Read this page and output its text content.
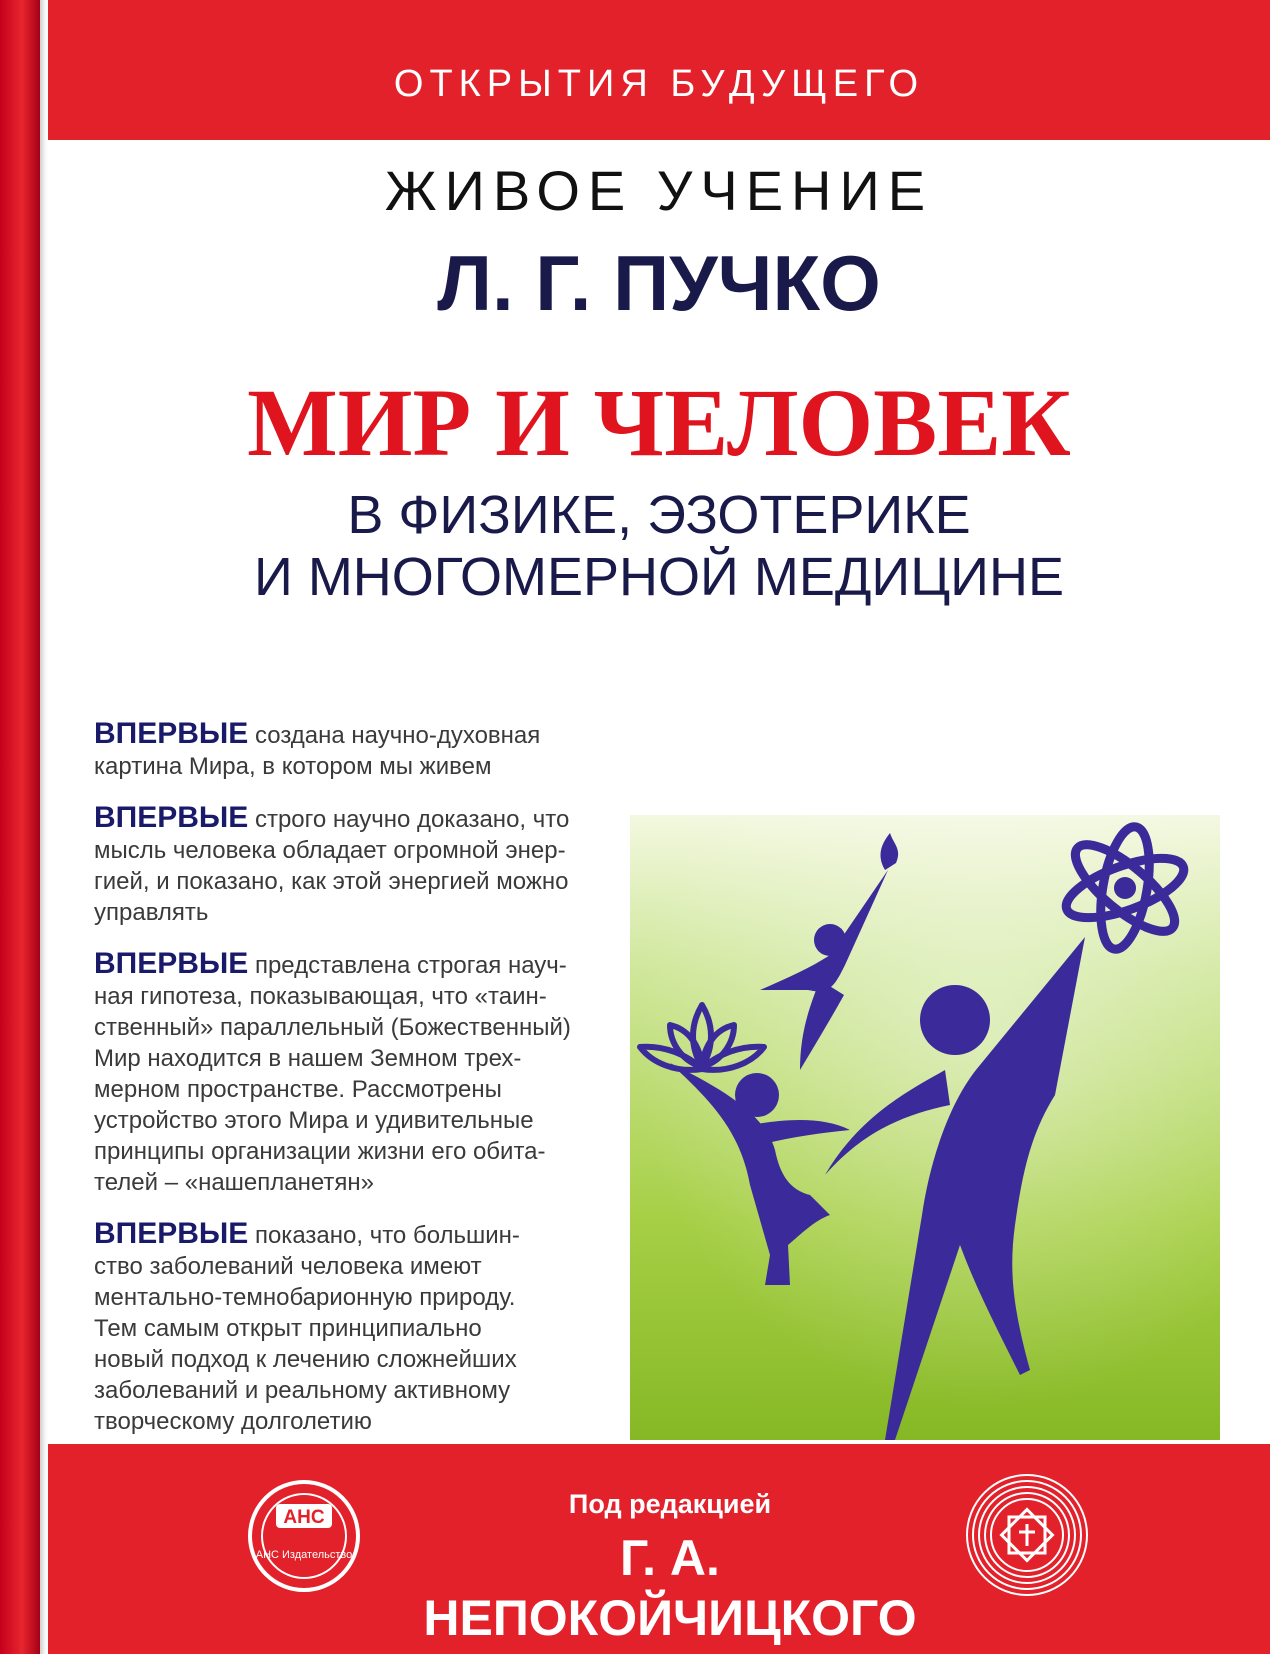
ОТКРЫТИЯ БУДУЩЕГО
ЖИВОЕ УЧЕНИЕ
Л. Г. ПУЧКО
МИР И ЧЕЛОВЕК
В ФИЗИКЕ, ЭЗОТЕРИКЕ
И МНОГОМЕРНОЙ МЕДИЦИНЕ
ВПЕРВЫЕ создана научно-духовная
картина Мира, в котором мы живем
ВПЕРВЫЕ строго научно доказано, что
мысль человека обладает огромной энер-
гией, и показано, как этой энергией можно
управлять
ВПЕРВЫЕ представлена строгая науч-
ная гипотеза, показывающая, что «таин-
ственный» параллельный (Божественный)
Мир находится в нашем Земном трех-
мерном пространстве. Рассмотрены
устройство этого Мира и удивительные
принципы организации жизни его обита-
телей – «нашепланетян»
ВПЕРВЫЕ показано, что большин-
ство заболеваний человека имеют
ментально-темнобарионную природу.
Тем самым открыт принципиально
новый подход к лечению сложнейших
заболеваний и реальному активному
творческому долголетию
АНС
АНС Издательство
Под редакцией
Г. А. НЕПОКОЙЧИЦКОГО
